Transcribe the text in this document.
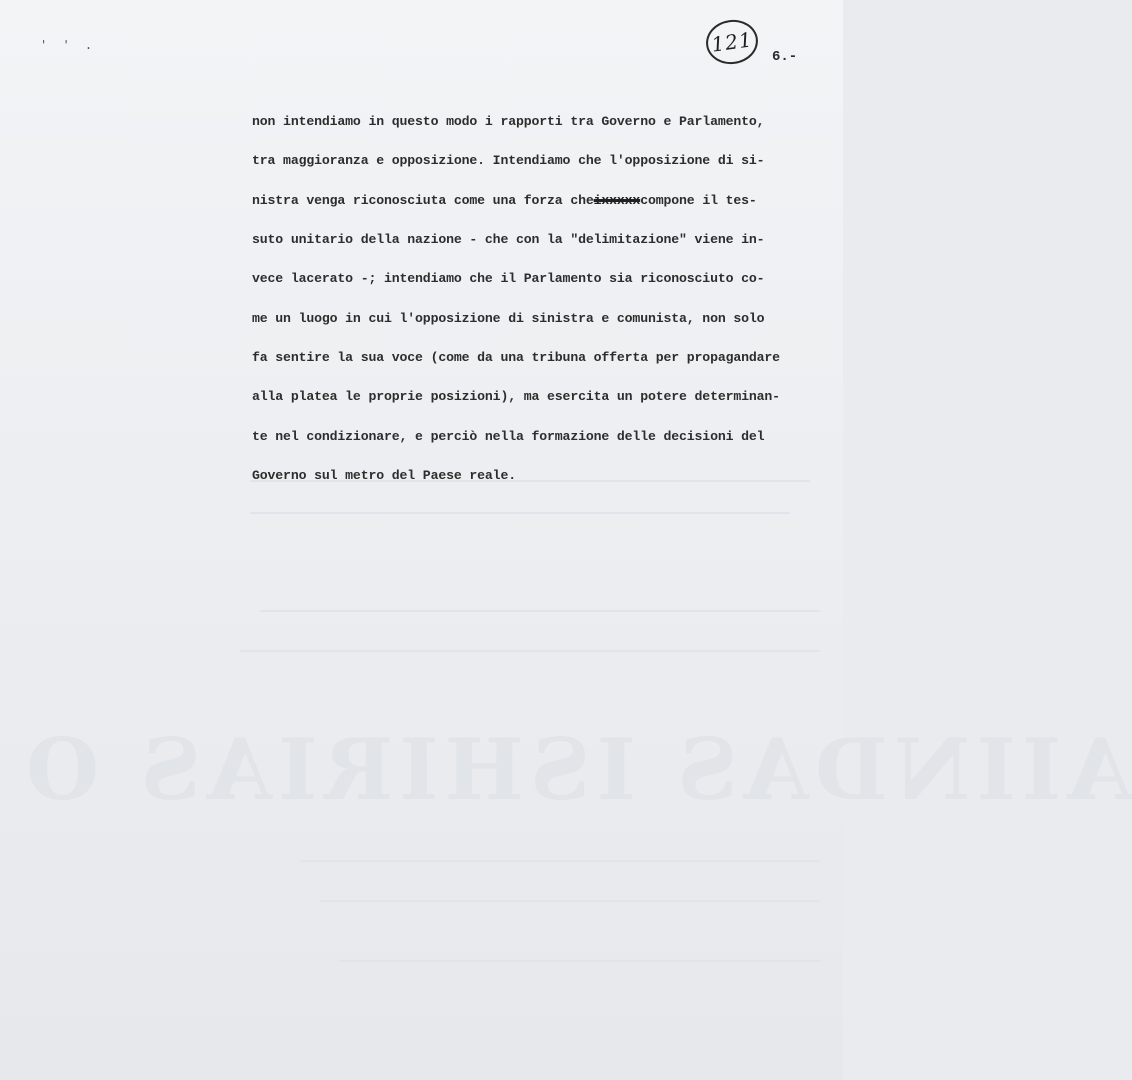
AIINDAS ISHIRIAS O
' ' .	121
6.-
non intendiamo in questo modo i rapporti tra Governo e Parlamento,
tra maggioranza e opposizione. Intendiamo che l'opposizione di si-
nistra venga riconosciuta come una forza che ixxxxx compone il tes-
suto unitario della nazione - che con la "delimitazione" viene in-
vece lacerato -; intendiamo che il Parlamento sia riconosciuto co-
me un luogo in cui l'opposizione di sinistra e comunista, non solo
fa sentire la sua voce (come da una tribuna offerta per propagandare
alla platea le proprie posizioni), ma esercita un potere determinan-
te nel condizionare, e perciò nella formazione delle decisioni del
Governo sul metro del Paese reale.
